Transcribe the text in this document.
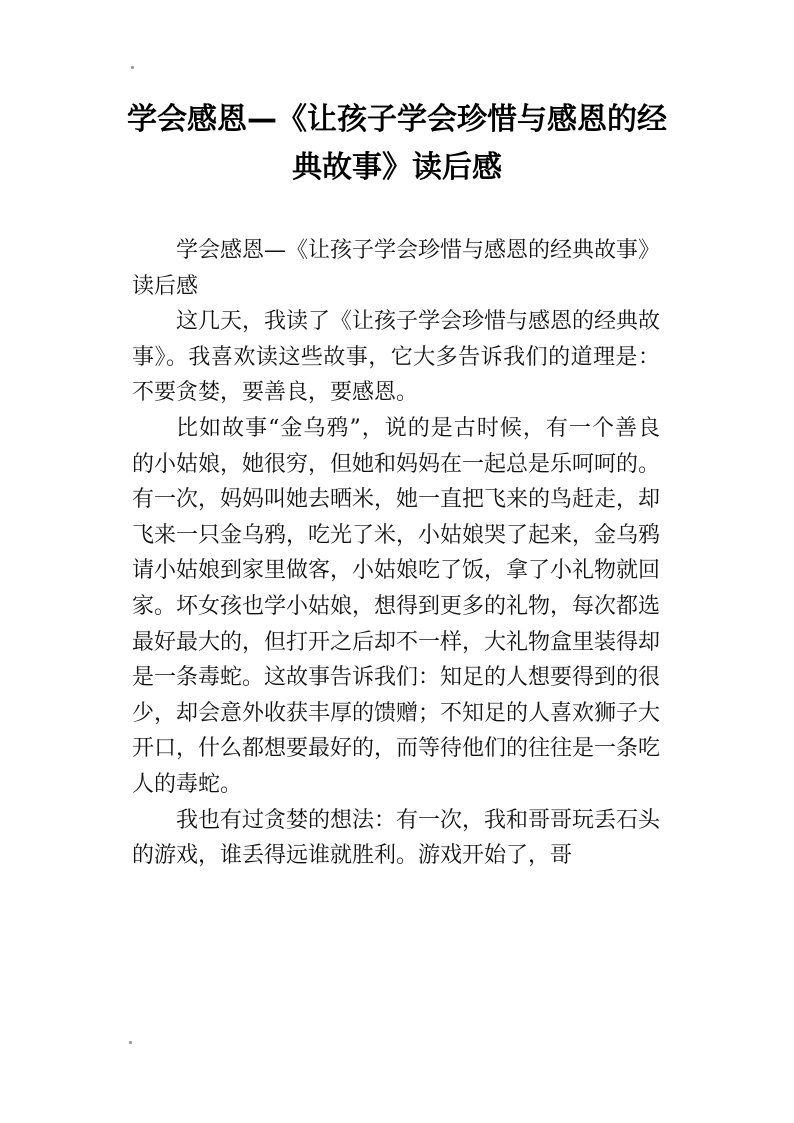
学会感恩—《让孩子学会珍惜与感恩的经典故事》读后感

学会感恩—《让孩子学会珍惜与感恩的经典故事》读后感

这几天，我读了《让孩子学会珍惜与感恩的经典故事》。我喜欢读这些故事，它大多告诉我们的道理是：不要贪婪，要善良，要感恩。

比如故事“金乌鸦”，说的是古时候，有一个善良的小姑娘，她很穷，但她和妈妈在一起总是乐呵呵的。有一次，妈妈叫她去晒米，她一直把飞来的鸟赶走，却飞来一只金乌鸦，吃光了米，小姑娘哭了起来，金乌鸦请小姑娘到家里做客，小姑娘吃了饭，拿了小礼物就回家。坏女孩也学小姑娘，想得到更多的礼物，每次都选最好最大的，但打开之后却不一样，大礼物盒里装得却是一条毒蛇。这故事告诉我们：知足的人想要得到的很少，却会意外收获丰厚的馈赠；不知足的人喜欢狮子大开口，什么都想要最好的，而等待他们的往往是一条吃人的毒蛇。

我也有过贪婪的想法：有一次，我和哥哥玩丢石头的游戏，谁丢得远谁就胜利。游戏开始了，哥
